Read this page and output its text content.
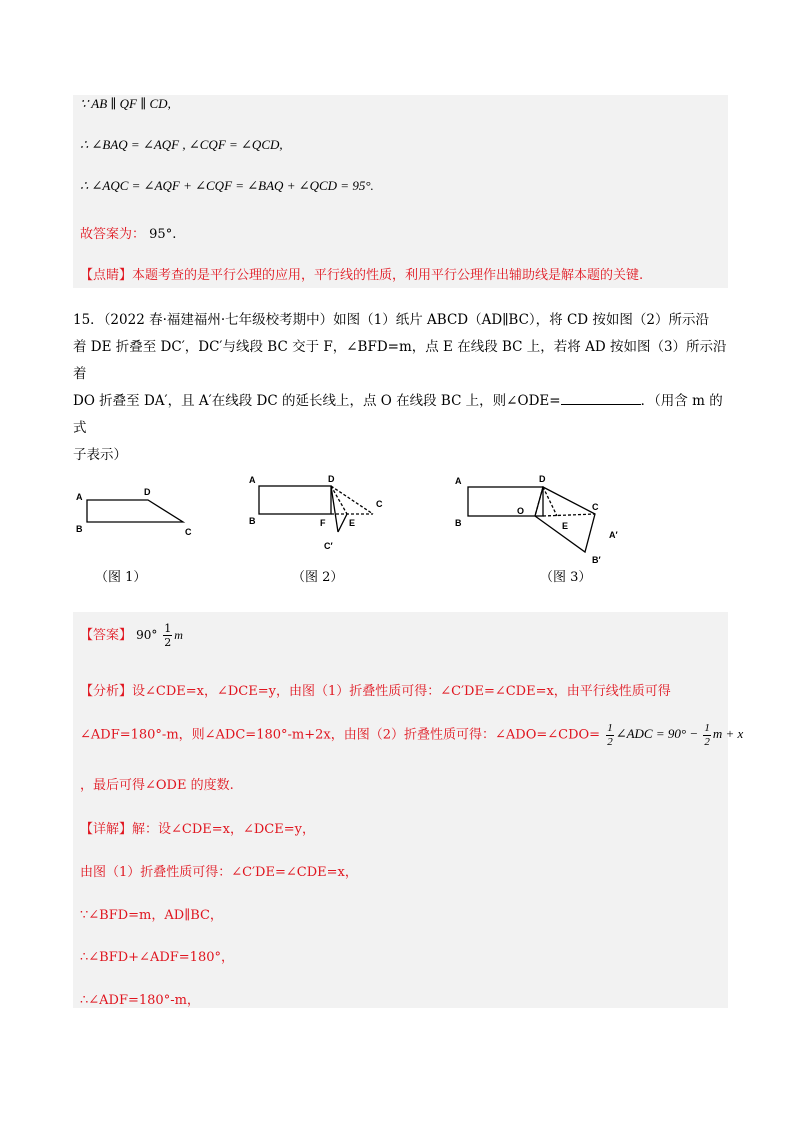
∵ AB ∥ QF ∥ CD,
∴ ∠BAQ = ∠AQF , ∠CQF = ∠QCD,
∴ ∠AQC = ∠AQF + ∠CQF = ∠BAQ + ∠QCD = 95°.
故答案为： 95°.
【点睛】本题考查的是平行公理的应用，平行线的性质，利用平行公理作出辅助线是解本题的关键.
15．（2022 春·福建福州·七年级校考期中）如图（1）纸片 ABCD（AD∥BC），将 CD 按如图（2）所示沿
着 DE 折叠至 DC′，DC′与线段 BC 交于 F，∠BFD=m，点 E 在线段 BC 上，若将 AD 按如图（3）所示沿着
DO 折叠至 DA′，且 A′在线段 DC 的延长线上，点 O 在线段 BC 上，则∠ODE=	．（用含 m 的式
子表示）
A	D
B	C
（图 1）
A	D
B
C
F	E
C′
（图 2）
A	D
B
C
O
E
A′
B′
（图 3）
【答案】 $90^\circ \frac{1}{2}$ m
【分析】设∠CDE=x，∠DCE=y，由图（1）折叠性质可得：∠C′DE=∠CDE=x，由平行线性质可得
∠ADF=180°-m，则∠ADC=180°-m+2x，由图（2）折叠性质可得：∠ADO=∠CDO= $\frac{1}{2}$ ∠ADC = $90^\circ - \frac{1}{2}$ m + x
，最后可得∠ODE 的度数.
【详解】解：设∠CDE=x，∠DCE=y，
由图（1）折叠性质可得：∠C′DE=∠CDE=x，
∵∠BFD=m，AD∥BC，
∴∠BFD+∠ADF=180°，
∴∠ADF=180°-m，
